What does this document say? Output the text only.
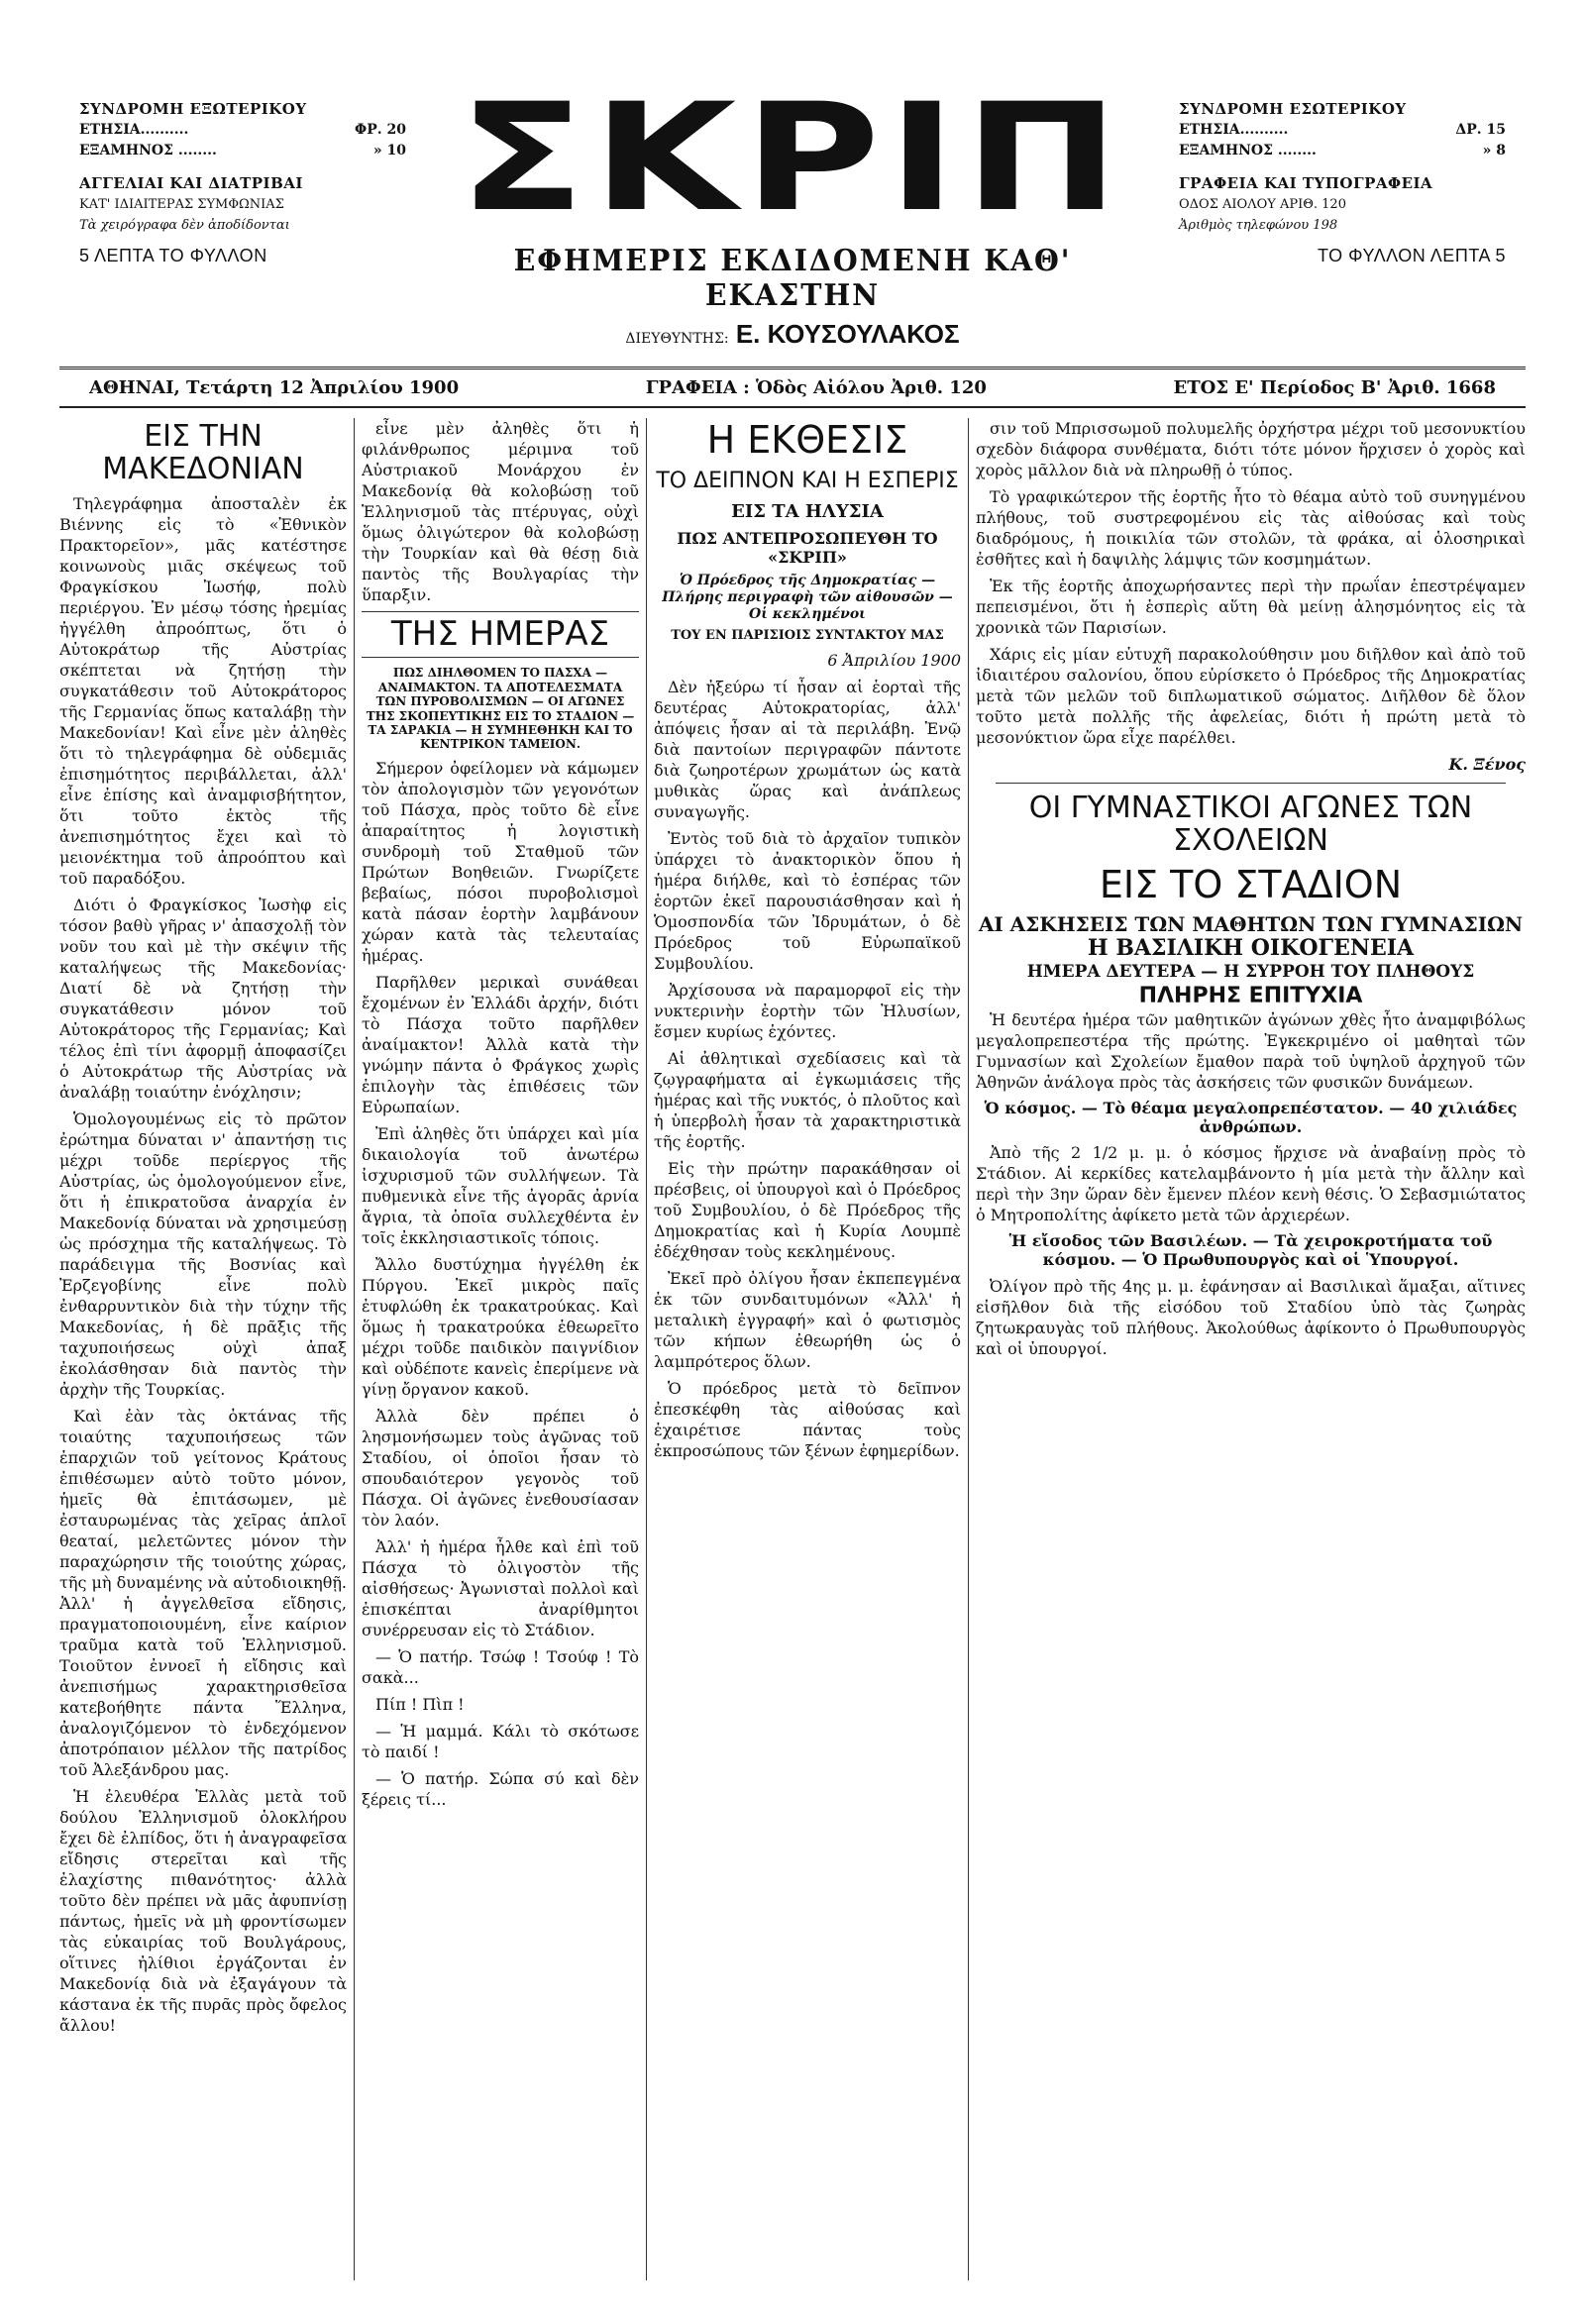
ΣΥΝΔΡΟΜΗ ΕΞΩΤΕΡΙΚΟΥ
ΕΤΗΣΙΑ..........	ΦΡ. 20
ΕΞΑΜΗΝΟΣ ........	» 10
ΑΓΓΕΛΙΑΙ ΚΑΙ ΔΙΑΤΡΙΒΑΙ
ΚΑΤ' ΙΔΙΑΙΤΕΡΑΣ ΣΥΜΦΩΝΙΑΣ
Τὰ χειρόγραφα δὲν ἀποδίδονται
5 ΛΕΠΤΑ ΤΟ ΦΥΛΛΟΝ
ΣΚΡΙΠ
ΕΦΗΜΕΡΙΣ ΕΚΔΙΔΟΜΕΝΗ ΚΑΘ' ΕΚΑΣΤΗΝ
ΔΙΕΥΘΥΝΤΗΣ: Ε. ΚΟΥΣΟΥΛΑΚΟΣ
ΣΥΝΔΡΟΜΗ ΕΣΩΤΕΡΙΚΟΥ
ΕΤΗΣΙΑ..........	ΔΡ. 15
ΕΞΑΜΗΝΟΣ ........	» 8
ΓΡΑΦΕΙΑ ΚΑΙ ΤΥΠΟΓΡΑΦΕΙΑ
ΟΔΟΣ ΑΙΟΛΟΥ ΑΡΙΘ. 120
Ἀριθμὸς τηλεφώνου 198
ΤΟ ΦΥΛΛΟΝ ΛΕΠΤΑ 5
ΑΘΗΝΑΙ, Τετάρτη 12 Ἀπριλίου 1900	ΓΡΑΦΕΙΑ : Ὁδὸς Αἰόλου Ἀριθ. 120	ΕΤΟΣ Ε' Περίοδος Β' Ἀριθ. 1668
ΕΙΣ ΤΗΝ ΜΑΚΕΔΟΝΙΑΝ

Τηλεγράφημα ἀποσταλὲν ἐκ Βιέννης εἰς τὸ «Ἐθνικὸν Πρακτορεῖον», μᾶς κατέστησε κοινωνοὺς μιᾶς σκέψεως τοῦ Φραγκίσκου Ἰωσήφ, πολὺ περιέργου. Ἐν μέσῳ τόσης ἠρεμίας ἠγγέλθη ἀπροόπτως, ὅτι ὁ Αὐτοκράτωρ τῆς Αὐστρίας σκέπτεται νὰ ζητήσῃ τὴν συγκατάθεσιν τοῦ Αὐτοκράτορος τῆς Γερμανίας ὅπως καταλάβῃ τὴν Μακεδονίαν! Καὶ εἶνε μὲν ἀληθὲς ὅτι τὸ τηλεγράφημα δὲ οὐδεμιᾶς ἐπισημότητος περιβάλλεται, ἀλλ' εἶνε ἐπίσης καὶ ἀναμφισβήτητον, ὅτι τοῦτο ἐκτὸς τῆς ἀνεπισημότητος ἔχει καὶ τὸ μειονέκτημα τοῦ ἀπροόπτου καὶ τοῦ παραδόξου.

Διότι ὁ Φραγκίσκος Ἰωσὴφ εἰς τόσον βαθὺ γῆρας ν' ἀπασχολῇ τὸν νοῦν του καὶ μὲ τὴν σκέψιν τῆς καταλήψεως τῆς Μακεδονίας· Διατί δὲ νὰ ζητήσῃ τὴν συγκατάθεσιν μόνον τοῦ Αὐτοκράτορος τῆς Γερμανίας; Καὶ τέλος ἐπὶ τίνι ἀφορμῇ ἀποφασίζει ὁ Αὐτοκράτωρ τῆς Αὐστρίας νὰ ἀναλάβῃ τοιαύτην ἐνόχλησιν;

Ὁμολογουμένως εἰς τὸ πρῶτον ἐρώτημα δύναται ν' ἀπαντήσῃ τις μέχρι τοῦδε περίεργος τῆς Αὐστρίας, ὡς ὁμολογούμενον εἶνε, ὅτι ἡ ἐπικρατοῦσα ἀναρχία ἐν Μακεδονίᾳ δύναται νὰ χρησιμεύσῃ ὡς πρόσχημα τῆς καταλήψεως. Τὸ παράδειγμα τῆς Βοσνίας καὶ Ἐρζεγοβίνης εἶνε πολὺ ἐνθαρρυντικὸν διὰ τὴν τύχην τῆς Μακεδονίας, ἡ δὲ πρᾶξις τῆς ταχυποιήσεως οὐχὶ ἀπαξ ἐκολάσθησαν διὰ παντὸς τὴν ἀρχὴν τῆς Τουρκίας.

Καὶ ἐὰν τὰς ὀκτάνας τῆς τοιαύτης ταχυποιήσεως τῶν ἐπαρχιῶν τοῦ γείτονος Κράτους ἐπιθέσωμεν αὐτὸ τοῦτο μόνον, ἡμεῖς θὰ ἐπιτάσωμεν, μὲ ἐσταυρωμένας τὰς χεῖρας ἁπλοῖ θεαταί, μελετῶντες μόνον τὴν παραχώρησιν τῆς τοιούτης χώρας, τῆς μὴ δυναμένης νὰ αὐτοδιοικηθῇ. Ἀλλ' ἡ ἀγγελθεῖσα εἴδησις, πραγματοποιουμένη, εἶνε καίριον τραῦμα κατὰ τοῦ Ἑλληνισμοῦ. Τοιοῦτον ἐννοεῖ ἡ εἴδησις καὶ ἀνεπισήμως χαρακτηρισθεῖσα κατεβοήθητε πάντα Ἕλληνα, ἀναλογιζόμενον τὸ ἐνδεχόμενον ἀποτρόπαιον μέλλον τῆς πατρίδος τοῦ Ἀλεξάνδρου μας.

Ἡ ἐλευθέρα Ἑλλὰς μετὰ τοῦ δούλου Ἑλληνισμοῦ ὁλοκλήρου ἔχει δὲ ἐλπίδος, ὅτι ἡ ἀναγραφεῖσα εἴδησις στερεῖται καὶ τῆς ἐλαχίστης πιθανότητος· ἀλλὰ τοῦτο δὲν πρέπει νὰ μᾶς ἀφυπνίσῃ πάντως, ἡμεῖς νὰ μὴ φροντίσωμεν τὰς εὐκαιρίας τοῦ Βουλγάρους, οἵτινες ἠλίθιοι ἐργάζονται ἐν Μακεδονίᾳ διὰ νὰ ἐξαγάγουν τὰ κάστανα ἐκ τῆς πυρᾶς πρὸς ὄφελος ἄλλου!

εἶνε μὲν ἀληθὲς ὅτι ἡ φιλάνθρωπος μέριμνα τοῦ Αὐστριακοῦ Μονάρχου ἐν Μακεδονίᾳ θὰ κολοβώσῃ τοῦ Ἑλληνισμοῦ τὰς πτέρυγας, οὐχὶ ὅμως ὀλιγώτερον θὰ κολοβώσῃ τὴν Τουρκίαν καὶ θὰ θέσῃ διὰ παντὸς τῆς Βουλγαρίας τὴν ὕπαρξιν.

ΤΗΣ ΗΜΕΡΑΣ
ΠΩΣ ΔΙΗΛΘΟΜΕΝ ΤΟ ΠΑΣΧΑ — ΑΝΑΙΜΑΚΤΟΝ. ΤΑ ΑΠΟΤΕΛΕΣΜΑΤΑ ΤΩΝ ΠΥΡΟΒΟΛΙΣΜΩΝ — ΟΙ ΑΓΩΝΕΣ ΤΗΣ ΣΚΟΠΕΥΤΙΚΗΣ ΕΙΣ ΤΟ ΣΤΑΔΙΟΝ — ΤΑ ΣΑΡΑΚΙΑ — Η ΣΥΜΗΕΘΗΚΗ ΚΑΙ ΤΟ ΚΕΝΤΡΙΚΟΝ ΤΑΜΕΙΟΝ.

Σήμερον ὀφείλομεν νὰ κάμωμεν τὸν ἀπολογισμὸν τῶν γεγονότων τοῦ Πάσχα, πρὸς τοῦτο δὲ εἶνε ἀπαραίτητος ἡ λογιστικὴ συνδρομὴ τοῦ Σταθμοῦ τῶν Πρώτων Βοηθειῶν. Γνωρίζετε βεβαίως, πόσοι πυροβολισμοὶ κατὰ πάσαν ἑορτὴν λαμβάνουν χώραν κατὰ τὰς τελευταίας ἡμέρας.

Παρῆλθεν μερικαὶ συνάθεαι ἔχομένων ἐν Ἑλλάδι ἀρχήν, διότι τὸ Πάσχα τοῦτο παρῆλθεν ἀναίμακτον! Ἀλλὰ κατὰ τὴν γνώμην πάντα ὁ Φράγκος χωρὶς ἐπιλογὴν τὰς ἐπιθέσεις τῶν Εὐρωπαίων.

Ἐπὶ ἀληθὲς ὅτι ὑπάρχει καὶ μία δικαιολογία τοῦ ἀνωτέρω ἰσχυρισμοῦ τῶν συλλήψεων. Τὰ πυθμενικὰ εἶνε τῆς ἀγορᾶς ἀρνία ἄγρια, τὰ ὁποῖα συλλεχθέντα ἐν τοῖς ἐκκλησιαστικοῖς τόποις.

Ἄλλο δυστύχημα ἠγγέλθη ἐκ Πύργου. Ἐκεῖ μικρὸς παῖς ἐτυφλώθη ἐκ τρακατρούκας. Καὶ ὅμως ἡ τρακατρούκα ἐθεωρεῖτο μέχρι τοῦδε παιδικὸν παιγνίδιον καὶ οὐδέποτε κανεὶς ἐπερίμενε νὰ γίνῃ ὄργανον κακοῦ.

Ἀλλὰ δὲν πρέπει ὁ λησμονήσωμεν τοὺς ἀγῶνας τοῦ Σταδίου, οἱ ὁποῖοι ἦσαν τὸ σπουδαιότερον γεγονὸς τοῦ Πάσχα. Οἱ ἀγῶνες ἐνεθουσίασαν τὸν λαόν.

Ἀλλ' ἡ ἡμέρα ἦλθε καὶ ἐπὶ τοῦ Πάσχα τὸ ὀλιγοστὸν τῆς αἰσθήσεως· Ἀγωνισταὶ πολλοὶ καὶ ἐπισκέπται ἀναρίθμητοι συνέρρευσαν εἰς τὸ Στάδιον.

— Ὁ πατήρ. Τσώφ ! Τσούφ ! Τὸ σακὰ...

Πίπ ! Πὶπ !

— Ἡ μαμμά. Κάλι τὸ σκότωσε τὸ παιδί !

— Ὁ πατήρ. Σώπα σύ καὶ δὲν ξέρεις τί...

Η ΕΚΘΕΣΙΣ
ΤΟ ΔΕΙΠΝΟΝ ΚΑΙ Η ΕΣΠΕΡΙΣ
ΕΙΣ ΤΑ ΗΛΥΣΙΑ
ΠΩΣ ΑΝΤΕΠΡΟΣΩΠΕΥΘΗ ΤΟ «ΣΚΡΙΠ»
Ὁ Πρόεδρος τῆς Δημοκρατίας — Πλήρης περιγραφὴ τῶν αἰθουσῶν — Οἱ κεκλημένοι
ΤΟΥ ΕΝ ΠΑΡΙΣΙΟΙΣ ΣΥΝΤΑΚΤΟΥ ΜΑΣ
6 Ἀπριλίου 1900

Δὲν ἠξεύρω τί ἦσαν αἱ ἑορταὶ τῆς δευτέρας Αὐτοκρατορίας, ἀλλ' ἀπόψεις ἦσαν αἱ τὰ περιλάβη. Ἐνῷ διὰ παντοίων περιγραφῶν πάντοτε διὰ ζωηροτέρων χρωμάτων ὡς κατὰ μυθικὰς ὥρας καὶ ἀνάπλεως συναγωγῆς.

Ἐντὸς τοῦ διὰ τὸ ἀρχαῖον τυπικὸν ὑπάρχει τὸ ἀνακτορικὸν ὅπου ἡ ἡμέρα διήλθε, καὶ τὸ ἐσπέρας τῶν ἑορτῶν ἐκεῖ παρουσιάσθησαν καὶ ἡ Ὁμοσπονδία τῶν Ἰδρυμάτων, ὁ δὲ Πρόεδρος τοῦ Εὐρωπαϊκοῦ Συμβουλίου.

Ἀρχίσουσα νὰ παραμορφοῖ εἰς τὴν νυκτερινὴν ἑορτὴν τῶν Ἠλυσίων, ἔσμεν κυρίως ἐχόντες.

Αἱ ἀθλητικαὶ σχεδίασεις καὶ τὰ ζῳγραφήματα αἱ ἐγκωμιάσεις τῆς ἡμέρας καὶ τῆς νυκτός, ὁ πλοῦτος καὶ ἡ ὑπερβολὴ ἦσαν τὰ χαρακτηριστικὰ τῆς ἑορτῆς.

Εἰς τὴν πρώτην παρακάθησαν οἱ πρέσβεις, οἱ ὑπουργοὶ καὶ ὁ Πρόεδρος τοῦ Συμβουλίου, ὁ δὲ Πρόεδρος τῆς Δημοκρατίας καὶ ἡ Κυρία Λουμπὲ ἐδέχθησαν τοὺς κεκλημένους.

Ἐκεῖ πρὸ ὀλίγου ἦσαν ἐκπεπεγμένα ἐκ τῶν συνδαιτυμόνων «Ἀλλ' ἡ μεταλικὴ ἐγγραφή» καὶ ὁ φωτισμὸς τῶν κήπων ἐθεωρήθη ὡς ὁ λαμπρότερος ὅλων.

Ὁ πρόεδρος μετὰ τὸ δεῖπνον ἐπεσκέφθη τὰς αἰθούσας καὶ ἐχαιρέτισε πάντας τοὺς ἐκπροσώπους τῶν ξένων ἐφημερίδων.

σιν τοῦ Μπρισσωμοῦ πολυμελῆς ὀρχήστρα μέχρι τοῦ μεσονυκτίου σχεδὸν διάφορα συνθέματα, διότι τότε μόνον ἤρχισεν ὁ χορὸς καὶ χορὸς μᾶλλον διὰ νὰ πληρωθῇ ὁ τύπος.

Τὸ γραφικώτερον τῆς ἑορτῆς ἦτο τὸ θέαμα αὐτὸ τοῦ συνηγμένου πλήθους, τοῦ συστρεφομένου εἰς τὰς αἰθούσας καὶ τοὺς διαδρόμους, ἡ ποικιλία τῶν στολῶν, τὰ φράκα, αἱ ὁλοσηρικαὶ ἐσθῆτες καὶ ἡ δαψιλὴς λάμψις τῶν κοσμημάτων.

Ἐκ τῆς ἑορτῆς ἀποχωρήσαντες περὶ τὴν πρωΐαν ἐπεστρέψαμεν πεπεισμένοι, ὅτι ἡ ἑσπερὶς αὕτη θὰ μείνῃ ἀλησμόνητος εἰς τὰ χρονικὰ τῶν Παρισίων.

Χάρις εἰς μίαν εὐτυχῆ παρακολούθησιν μου διῆλθον καὶ ἀπὸ τοῦ ἰδιαιτέρου σαλονίου, ὅπου εὑρίσκετο ὁ Πρόεδρος τῆς Δημοκρατίας μετὰ τῶν μελῶν τοῦ διπλωματικοῦ σώματος. Διῆλθον δὲ ὅλον τοῦτο μετὰ πολλῆς τῆς ἀφελείας, διότι ἡ πρώτη μετὰ τὸ μεσονύκτιον ὥρα εἶχε παρέλθει.

Κ. Ξένος
ΟΙ ΓΥΜΝΑΣΤΙΚΟΙ ΑΓΩΝΕΣ ΤΩΝ ΣΧΟΛΕΙΩΝ
ΕΙΣ ΤΟ ΣΤΑΔΙΟΝ
ΑΙ ΑΣΚΗΣΕΙΣ ΤΩΝ ΜΑΘΗΤΩΝ ΤΩΝ ΓΥΜΝΑΣΙΩΝ
Η ΒΑΣΙΛΙΚΗ ΟΙΚΟΓΕΝΕΙΑ
ΗΜΕΡΑ ΔΕΥΤΕΡΑ — Η ΣΥΡΡΟΗ ΤΟΥ ΠΛΗΘΟΥΣ
ΠΛΗΡΗΣ ΕΠΙΤΥΧΙΑ

Ἡ δευτέρα ἡμέρα τῶν μαθητικῶν ἀγώνων χθὲς ἦτο ἀναμφιβόλως μεγαλοπρεπεστέρα τῆς πρώτης. Ἐγκεκριμένο οἱ μαθηταὶ τῶν Γυμνασίων καὶ Σχολείων ἔμαθον παρὰ τοῦ ὑψηλοῦ ἀρχηγοῦ τῶν Ἀθηνῶν ἀνάλογα πρὸς τὰς ἀσκήσεις τῶν φυσικῶν δυνάμεων.

Ὁ κόσμος. — Τὸ θέαμα μεγαλοπρεπέστατον. — 40 χιλιάδες ἀνθρώπων.

Ἀπὸ τῆς 2 1/2 μ. μ. ὁ κόσμος ἤρχισε νὰ ἀναβαίνῃ πρὸς τὸ Στάδιον. Αἱ κερκίδες κατελαμβάνοντο ἡ μία μετὰ τὴν ἄλλην καὶ περὶ τὴν 3ην ὥραν δὲν ἔμενεν πλέον κενὴ θέσις. Ὁ Σεβασμιώτατος ὁ Μητροπολίτης ἀφίκετο μετὰ τῶν ἀρχιερέων.

Ἡ εἴσοδος τῶν Βασιλέων. — Τὰ χειροκροτήματα τοῦ κόσμου. — Ὁ Πρωθυπουργὸς καὶ οἱ Ὑπουργοί.

Ὀλίγον πρὸ τῆς 4ης μ. μ. ἐφάνησαν αἱ Βασιλικαὶ ἅμαξαι, αἵτινες εἰσῆλθον διὰ τῆς εἰσόδου τοῦ Σταδίου ὑπὸ τὰς ζωηρὰς ζητωκραυγὰς τοῦ πλήθους. Ἀκολούθως ἀφίκοντο ὁ Πρωθυπουργὸς καὶ οἱ ὑπουργοί.
